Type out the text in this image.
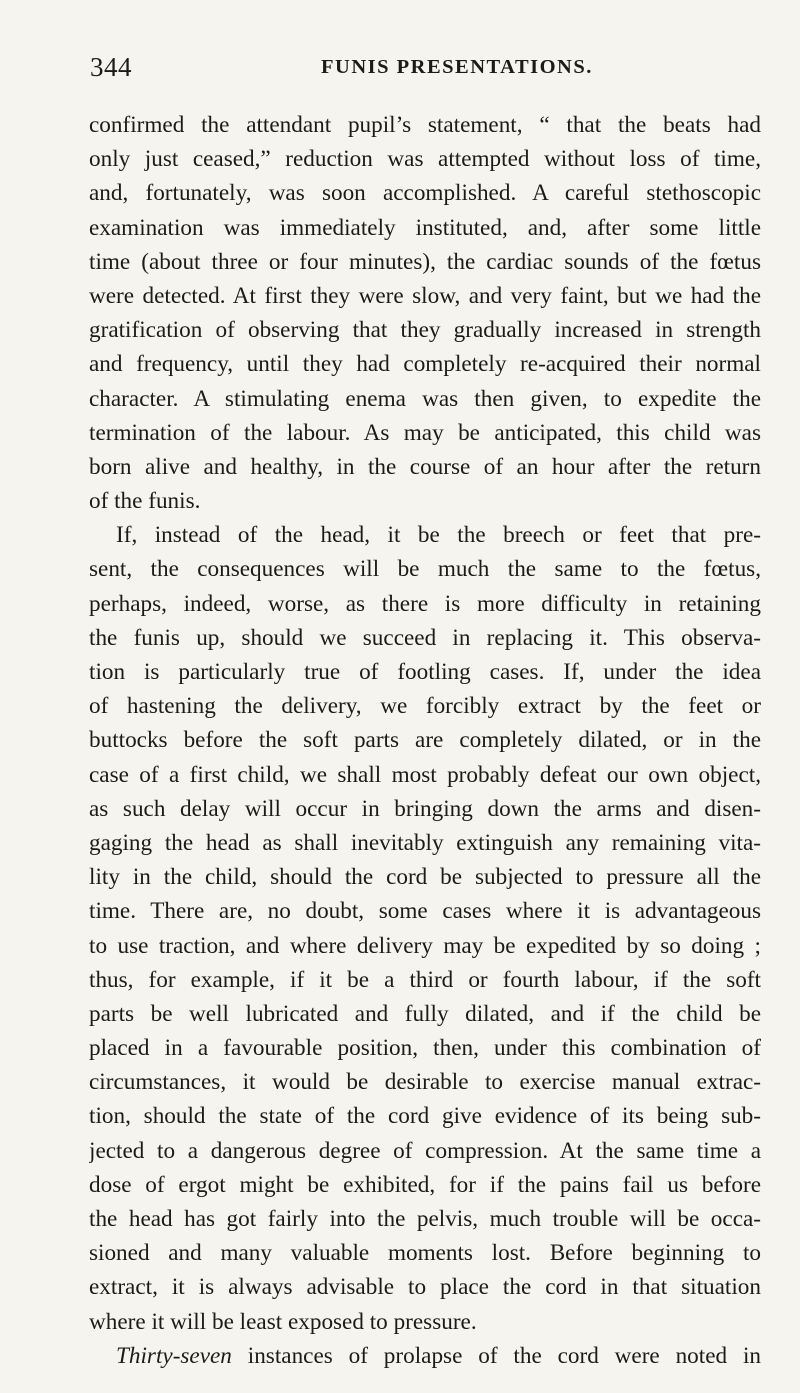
344	FUNIS PRESENTATIONS.
confirmed the attendant pupil’s statement, “ that the beats had
only just ceased,” reduction was attempted without loss of time,
and, fortunately, was soon accomplished. A careful stethoscopic
examination was immediately instituted, and, after some little
time (about three or four minutes), the cardiac sounds of the fœtus
were detected. At first they were slow, and very faint, but we had the
gratification of observing that they gradually increased in strength
and frequency, until they had completely re-acquired their normal
character. A stimulating enema was then given, to expedite the
termination of the labour. As may be anticipated, this child was
born alive and healthy, in the course of an hour after the return
of the funis.
If, instead of the head, it be the breech or feet that pre-
sent, the consequences will be much the same to the fœtus,
perhaps, indeed, worse, as there is more difficulty in retaining
the funis up, should we succeed in replacing it. This observa-
tion is particularly true of footling cases. If, under the idea
of hastening the delivery, we forcibly extract by the feet or
buttocks before the soft parts are completely dilated, or in the
case of a first child, we shall most probably defeat our own object,
as such delay will occur in bringing down the arms and disen-
gaging the head as shall inevitably extinguish any remaining vita-
lity in the child, should the cord be subjected to pressure all the
time. There are, no doubt, some cases where it is advantageous
to use traction, and where delivery may be expedited by so doing ;
thus, for example, if it be a third or fourth labour, if the soft
parts be well lubricated and fully dilated, and if the child be
placed in a favourable position, then, under this combination of
circumstances, it would be desirable to exercise manual extrac-
tion, should the state of the cord give evidence of its being sub-
jected to a dangerous degree of compression. At the same time a
dose of ergot might be exhibited, for if the pains fail us before
the head has got fairly into the pelvis, much trouble will be occa-
sioned and many valuable moments lost. Before beginning to
extract, it is always advisable to place the cord in that situation
where it will be least exposed to pressure.
Thirty-seven instances of prolapse of the cord were noted in
